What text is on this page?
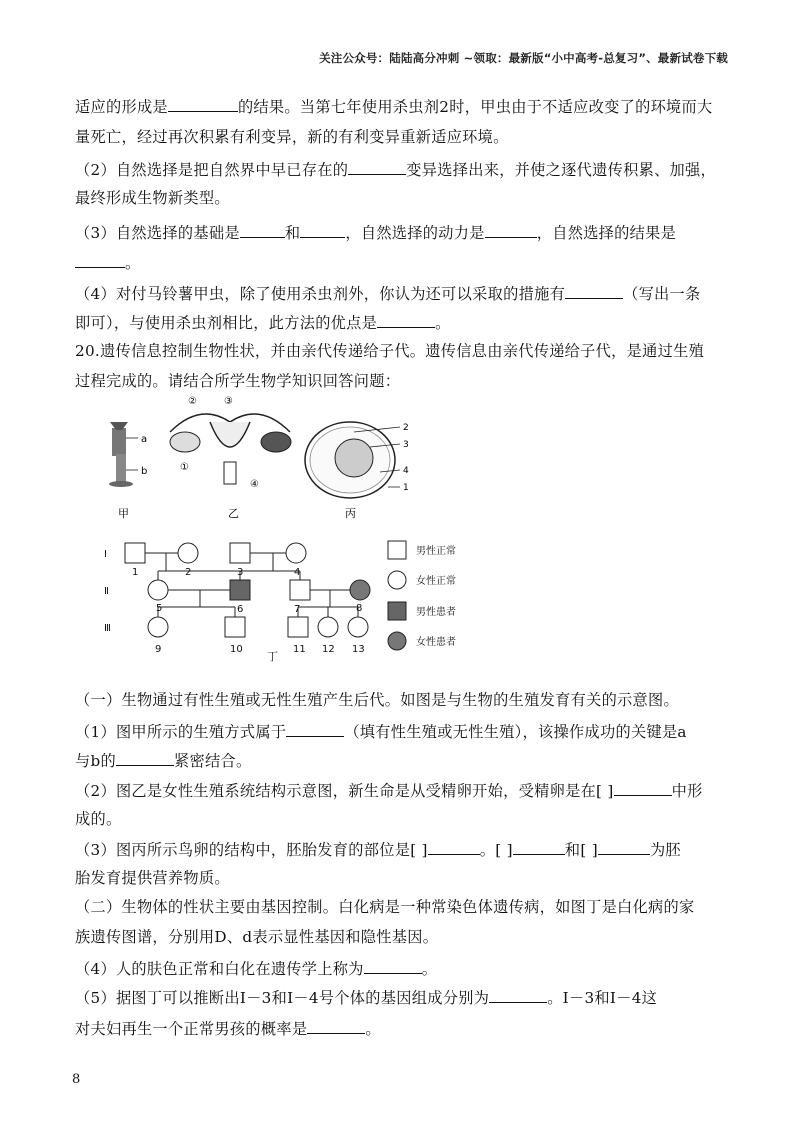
关注公众号：陆陆高分冲刺 ~领取：最新版“小中高考-总复习”、最新试卷下载
适应的形成是	的结果。当第七年使用杀虫剂2时，甲虫由于不适应改变了的环境而大
量死亡，经过再次积累有利变异，新的有利变异重新适应环境。
（2）自然选择是把自然界中早已存在的	变异选择出来，并使之逐代遗传积累、加强，
最终形成生物新类型。
（3）自然选择的基础是	和	，自然选择的动力是	，自然选择的结果是
。
（4）对付马铃薯甲虫，除了使用杀虫剂外，你认为还可以采取的措施有	（写出一条
即可），与使用杀虫剂相比，此方法的优点是	。
20.遗传信息控制生物性状，并由亲代传递给子代。遗传信息由亲代传递给子代，是通过生殖
过程完成的。请结合所学生物学知识回答问题：
（一）生物通过有性生殖或无性生殖产生后代。如图是与生物的生殖发育有关的示意图。
（1）图甲所示的生殖方式属于	（填有性生殖或无性生殖），该操作成功的关键是a
与b的	紧密结合。
（2）图乙是女性生殖系统结构示意图，新生命是从受精卵开始，受精卵是在[ ]	中形
成的。
（3）图丙所示鸟卵的结构中，胚胎发育的部位是[ ]	。[ ]	和[ ]	为胚
胎发育提供营养物质。
（二）生物体的性状主要由基因控制。白化病是一种常染色体遗传病，如图丁是白化病的家
族遗传图谱，分别用D、d表示显性基因和隐性基因。
（4）人的肤色正常和白化在遗传学上称为	。
（5）据图丁可以推断出Ⅰ－3和Ⅰ－4号个体的基因组成分别为	。Ⅰ－3和Ⅰ－4这
对夫妇再生一个正常男孩的概率是	。
a
b
甲
②	③
①
④
乙
2
3
4
1
丙
Ⅰ
Ⅱ
Ⅲ
1	2	3	4
5	6	7	8
9	10	11 12 13
丁
男性正常
女性正常
男性患者
女性患者
8
